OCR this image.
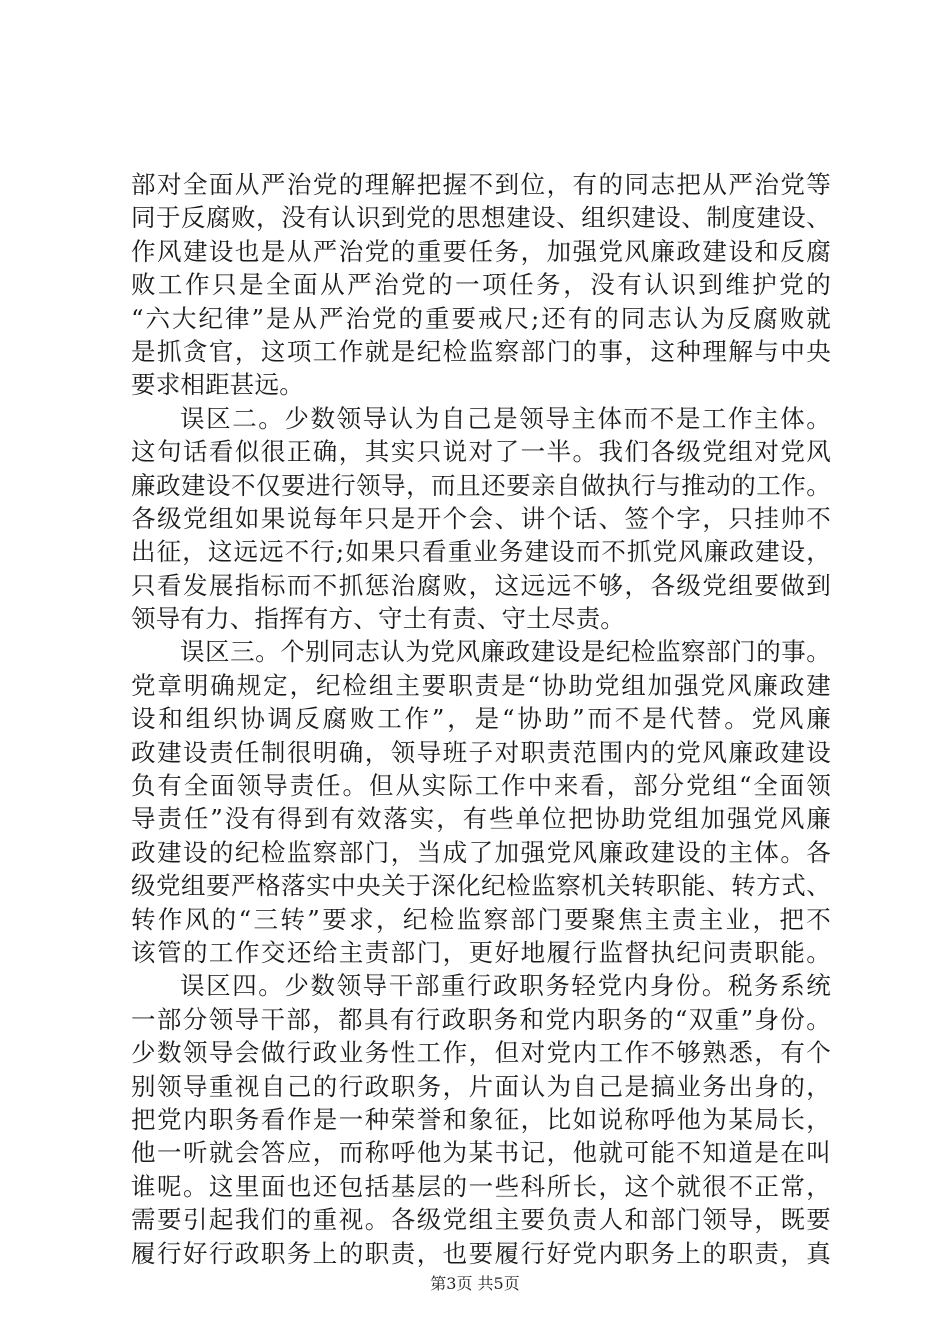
部对全面从严治党的理解把握不到位，有的同志把从严治党等
同于反腐败，没有认识到党的思想建设、组织建设、制度建设、
作风建设也是从严治党的重要任务，加强党风廉政建设和反腐
败工作只是全面从严治党的一项任务，没有认识到维护党的
“六大纪律”是从严治党的重要戒尺;还有的同志认为反腐败就
是抓贪官，这项工作就是纪检监察部门的事，这种理解与中央
要求相距甚远。
误区二。少数领导认为自己是领导主体而不是工作主体。
这句话看似很正确，其实只说对了一半。我们各级党组对党风
廉政建设不仅要进行领导，而且还要亲自做执行与推动的工作。
各级党组如果说每年只是开个会、讲个话、签个字，只挂帅不
出征，这远远不行;如果只看重业务建设而不抓党风廉政建设，
只看发展指标而不抓惩治腐败，这远远不够，各级党组要做到
领导有力、指挥有方、守土有责、守土尽责。
误区三。个别同志认为党风廉政建设是纪检监察部门的事。
党章明确规定，纪检组主要职责是“协助党组加强党风廉政建
设和组织协调反腐败工作”，是“协助”而不是代替。党风廉
政建设责任制很明确，领导班子对职责范围内的党风廉政建设
负有全面领导责任。但从实际工作中来看，部分党组“全面领
导责任”没有得到有效落实，有些单位把协助党组加强党风廉
政建设的纪检监察部门，当成了加强党风廉政建设的主体。各
级党组要严格落实中央关于深化纪检监察机关转职能、转方式、
转作风的“三转”要求，纪检监察部门要聚焦主责主业，把不
该管的工作交还给主责部门，更好地履行监督执纪问责职能。
误区四。少数领导干部重行政职务轻党内身份。税务系统
一部分领导干部，都具有行政职务和党内职务的“双重”身份。
少数领导会做行政业务性工作，但对党内工作不够熟悉，有个
别领导重视自己的行政职务，片面认为自己是搞业务出身的，
把党内职务看作是一种荣誉和象征，比如说称呼他为某局长，
他一听就会答应，而称呼他为某书记，他就可能不知道是在叫
谁呢。这里面也还包括基层的一些科所长，这个就很不正常，
需要引起我们的重视。各级党组主要负责人和部门领导，既要
履行好行政职务上的职责，也要履行好党内职务上的职责，真
第3页 共5页
